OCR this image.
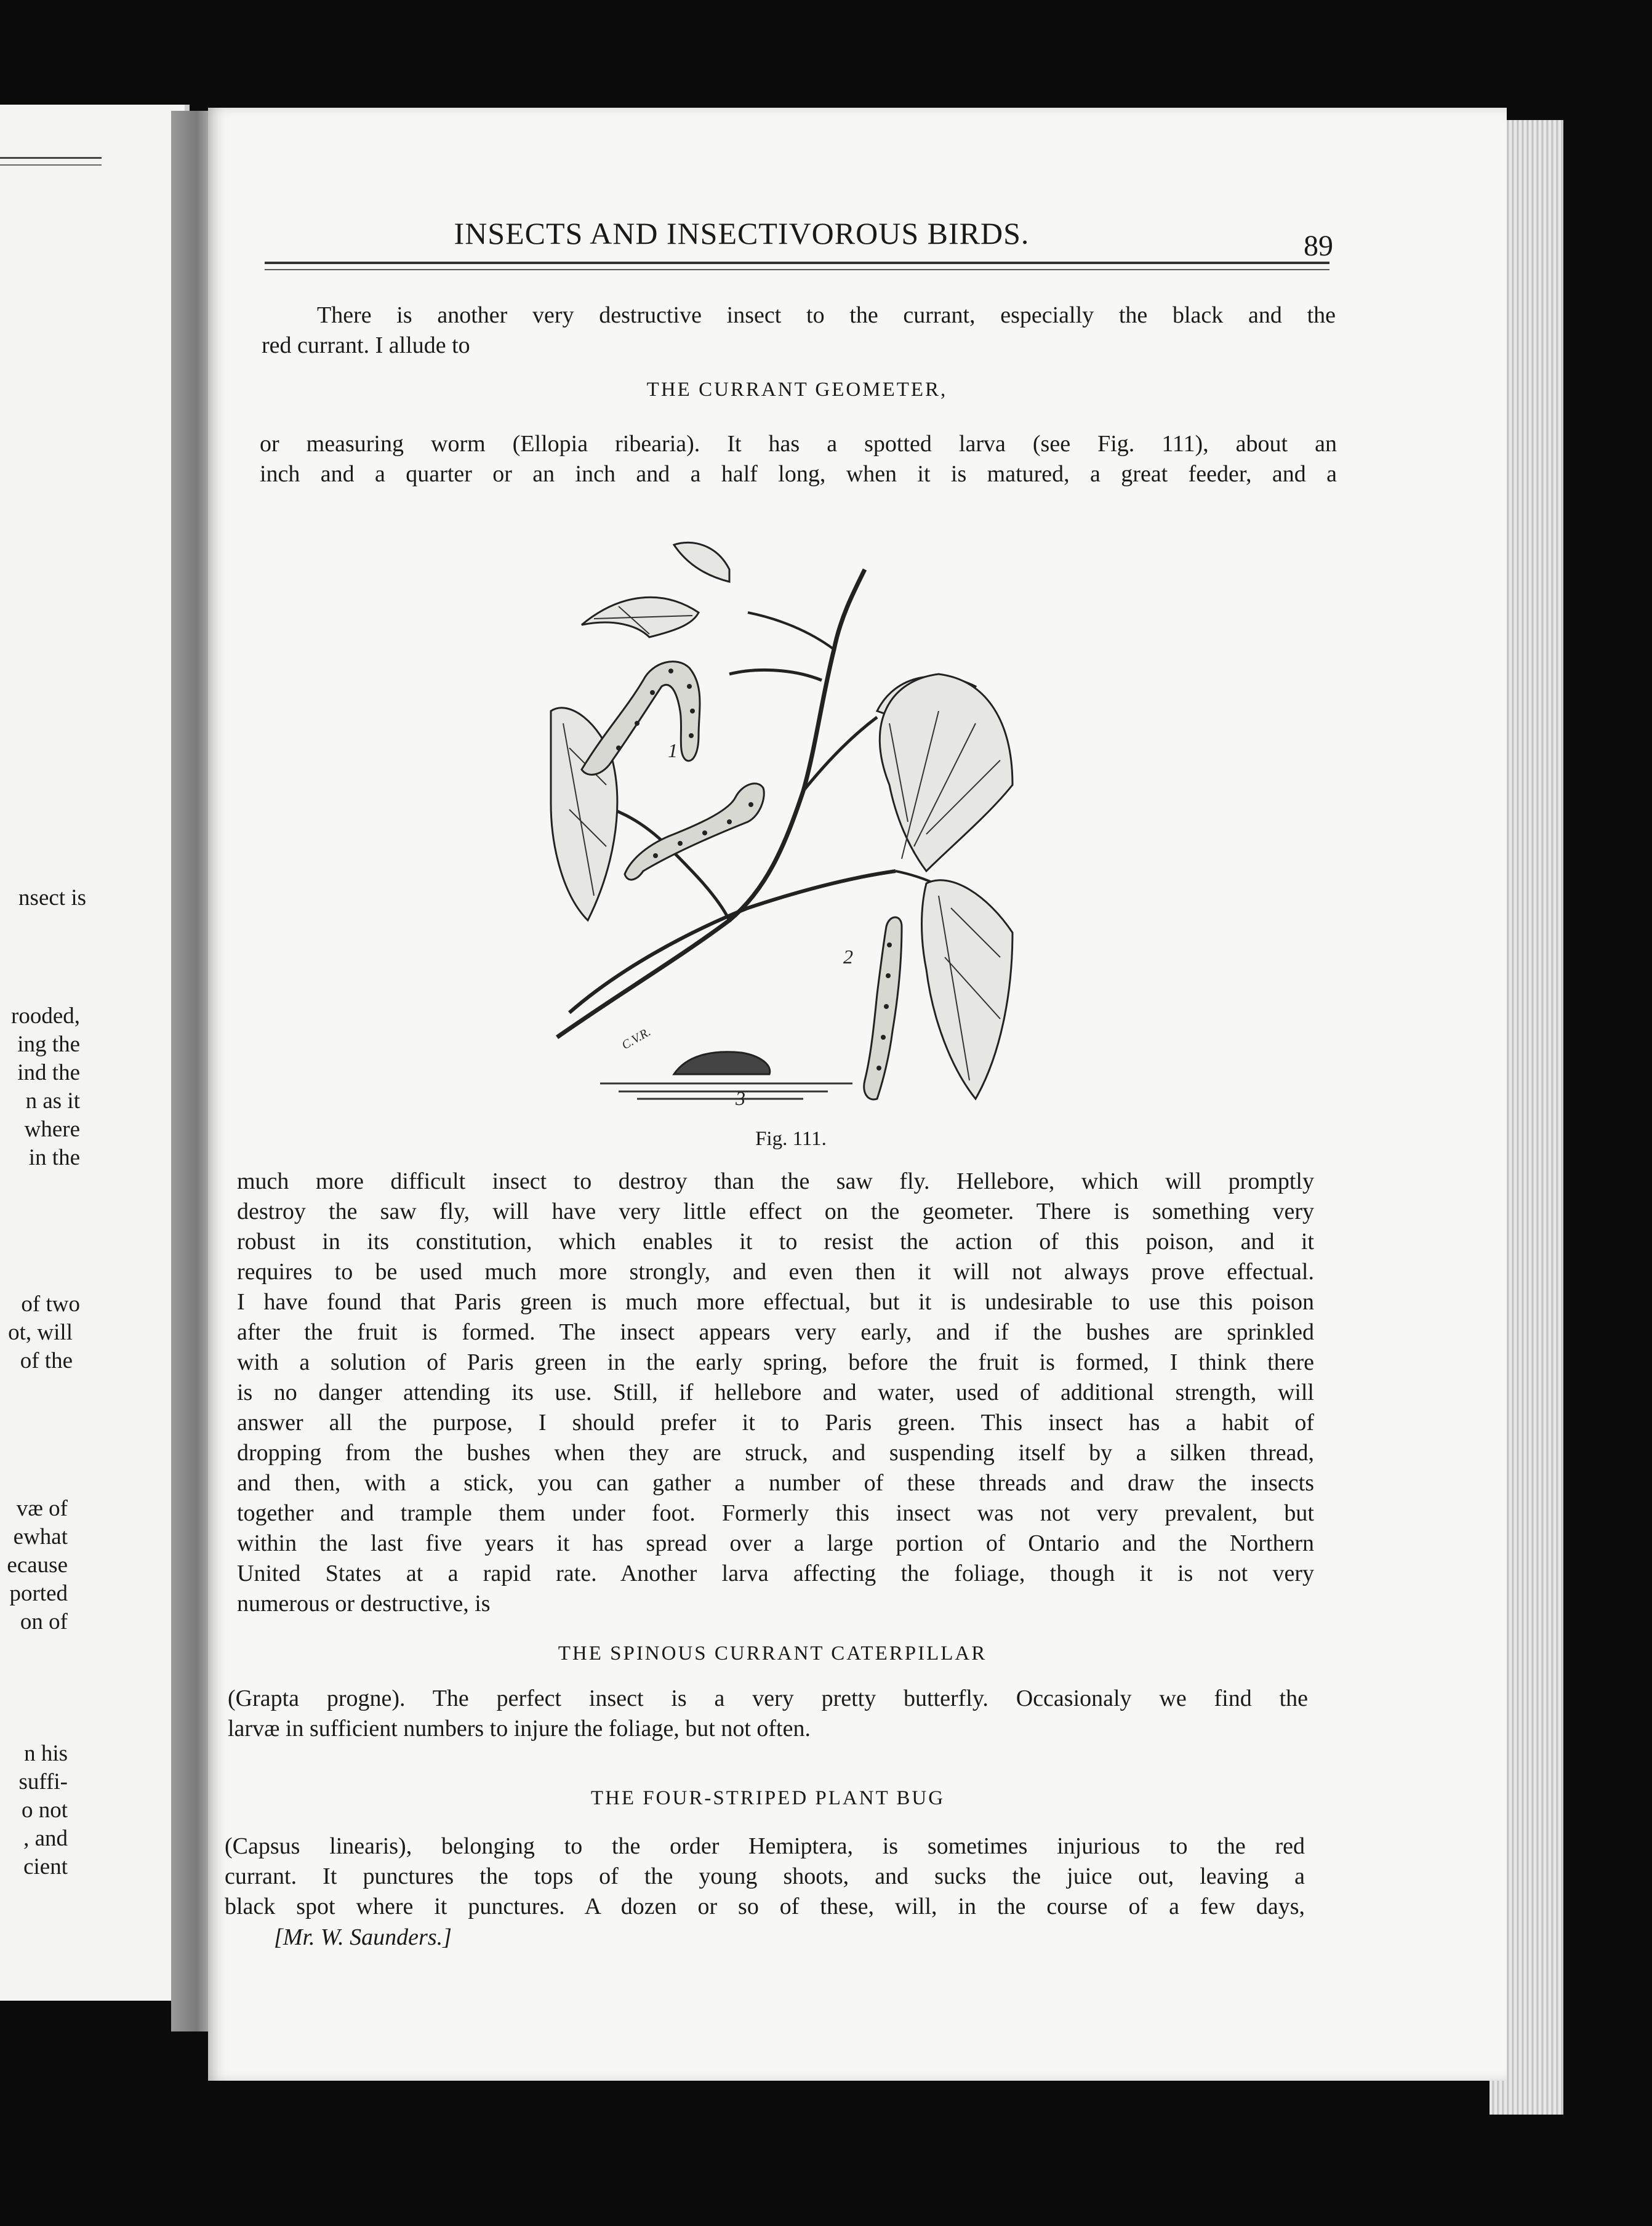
nsect is
rooded,
ing the
ind the
n as it
where
in the
of two
ot, will
of the
væ of
ewhat
ecause
ported
on of
n his
suffi-
o not
, and
cient
INSECTS AND INSECTIVOROUS BIRDS.	89
There is another very destructive insect to the currant, especially the black and the
red currant. I allude to
THE CURRANT GEOMETER,
or measuring worm (Ellopia ribearia). It has a spotted larva (see Fig. 111), about an
inch and a quarter or an inch and a half long, when it is matured, a great feeder, and a
1
2
3
C.V.R.
Fig. 111.
much more difficult insect to destroy than the saw fly. Hellebore, which will promptly
destroy the saw fly, will have very little effect on the geometer. There is something very
robust in its constitution, which enables it to resist the action of this poison, and it
requires to be used much more strongly, and even then it will not always prove effectual.
I have found that Paris green is much more effectual, but it is undesirable to use this poison
after the fruit is formed. The insect appears very early, and if the bushes are sprinkled
with a solution of Paris green in the early spring, before the fruit is formed, I think there
is no danger attending its use. Still, if hellebore and water, used of additional strength, will
answer all the purpose, I should prefer it to Paris green. This insect has a habit of
dropping from the bushes when they are struck, and suspending itself by a silken thread,
and then, with a stick, you can gather a number of these threads and draw the insects
together and trample them under foot. Formerly this insect was not very prevalent, but
within the last five years it has spread over a large portion of Ontario and the Northern
United States at a rapid rate. Another larva affecting the foliage, though it is not very
numerous or destructive, is
THE SPINOUS CURRANT CATERPILLAR
(Grapta progne). The perfect insect is a very pretty butterfly. Occasionaly we find the
larvæ in sufficient numbers to injure the foliage, but not often.
THE FOUR-STRIPED PLANT BUG
(Capsus linearis), belonging to the order Hemiptera, is sometimes injurious to the red
currant. It punctures the tops of the young shoots, and sucks the juice out, leaving a
black spot where it punctures. A dozen or so of these, will, in the course of a few days,
[Mr. W. Saunders.]
